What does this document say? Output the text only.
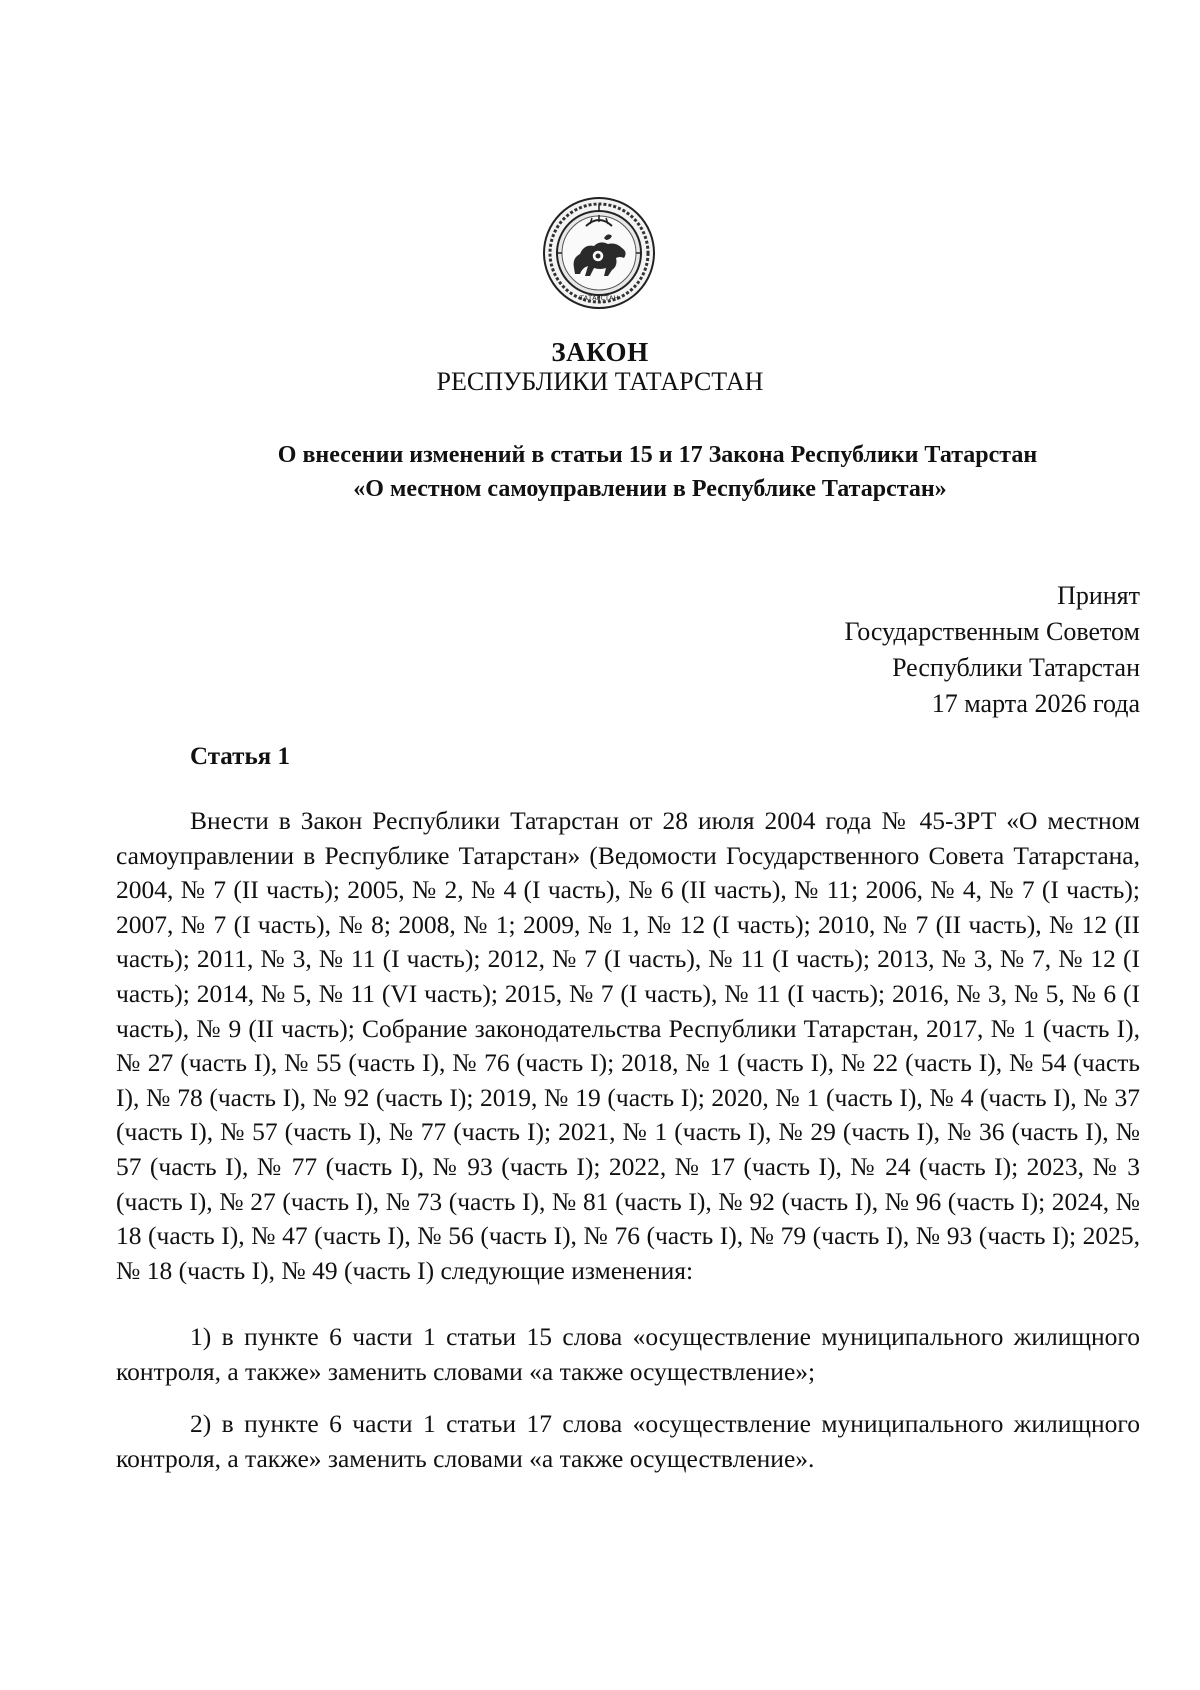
ТАТАРСТАН
ЗАКОН
РЕСПУБЛИКИ ТАТАРСТАН
О внесении изменений в статьи 15 и 17 Закона Республики Татарстан
«О местном самоуправлении в Республике Татарстан»
Принят
Государственным Советом
Республики Татарстан
17 марта 2026 года
Статья 1

Внести в Закон Республики Татарстан от 28 июля 2004 года № 45-ЗРТ «О местном самоуправлении в Республике Татарстан» (Ведомости Государственного Совета Татарстана, 2004, № 7 (II часть); 2005, № 2, № 4 (I часть), № 6 (II часть), № 11; 2006, № 4, № 7 (I часть); 2007, № 7 (I часть), № 8; 2008, № 1; 2009, № 1, № 12 (I часть); 2010, № 7 (II часть), № 12 (II часть); 2011, № 3, № 11 (I часть); 2012, № 7 (I часть), № 11 (I часть); 2013, № 3, № 7, № 12 (I часть); 2014, № 5, № 11 (VI часть); 2015, № 7 (I часть), № 11 (I часть); 2016, № 3, № 5, № 6 (I часть), № 9 (II часть); Собрание законодательства Республики Татарстан, 2017, № 1 (часть I), № 27 (часть I), № 55 (часть I), № 76 (часть I); 2018, № 1 (часть I), № 22 (часть I), № 54 (часть I), № 78 (часть I), № 92 (часть I); 2019, № 19 (часть I); 2020, № 1 (часть I), № 4 (часть I), № 37 (часть I), № 57 (часть I), № 77 (часть I); 2021, № 1 (часть I), № 29 (часть I), № 36 (часть I), № 57 (часть I), № 77 (часть I), № 93 (часть I); 2022, № 17 (часть I), № 24 (часть I); 2023, № 3 (часть I), № 27 (часть I), № 73 (часть I), № 81 (часть I), № 92 (часть I), № 96 (часть I); 2024, № 18 (часть I), № 47 (часть I), № 56 (часть I), № 76 (часть I), № 79 (часть I), № 93 (часть I); 2025, № 18 (часть I), № 49 (часть I) следующие изменения:

1) в пункте 6 части 1 статьи 15 слова «осуществление муниципального жилищного контроля, а также» заменить словами «а также осуществление»;

2) в пункте 6 части 1 статьи 17 слова «осуществление муниципального жилищного контроля, а также» заменить словами «а также осуществление».
